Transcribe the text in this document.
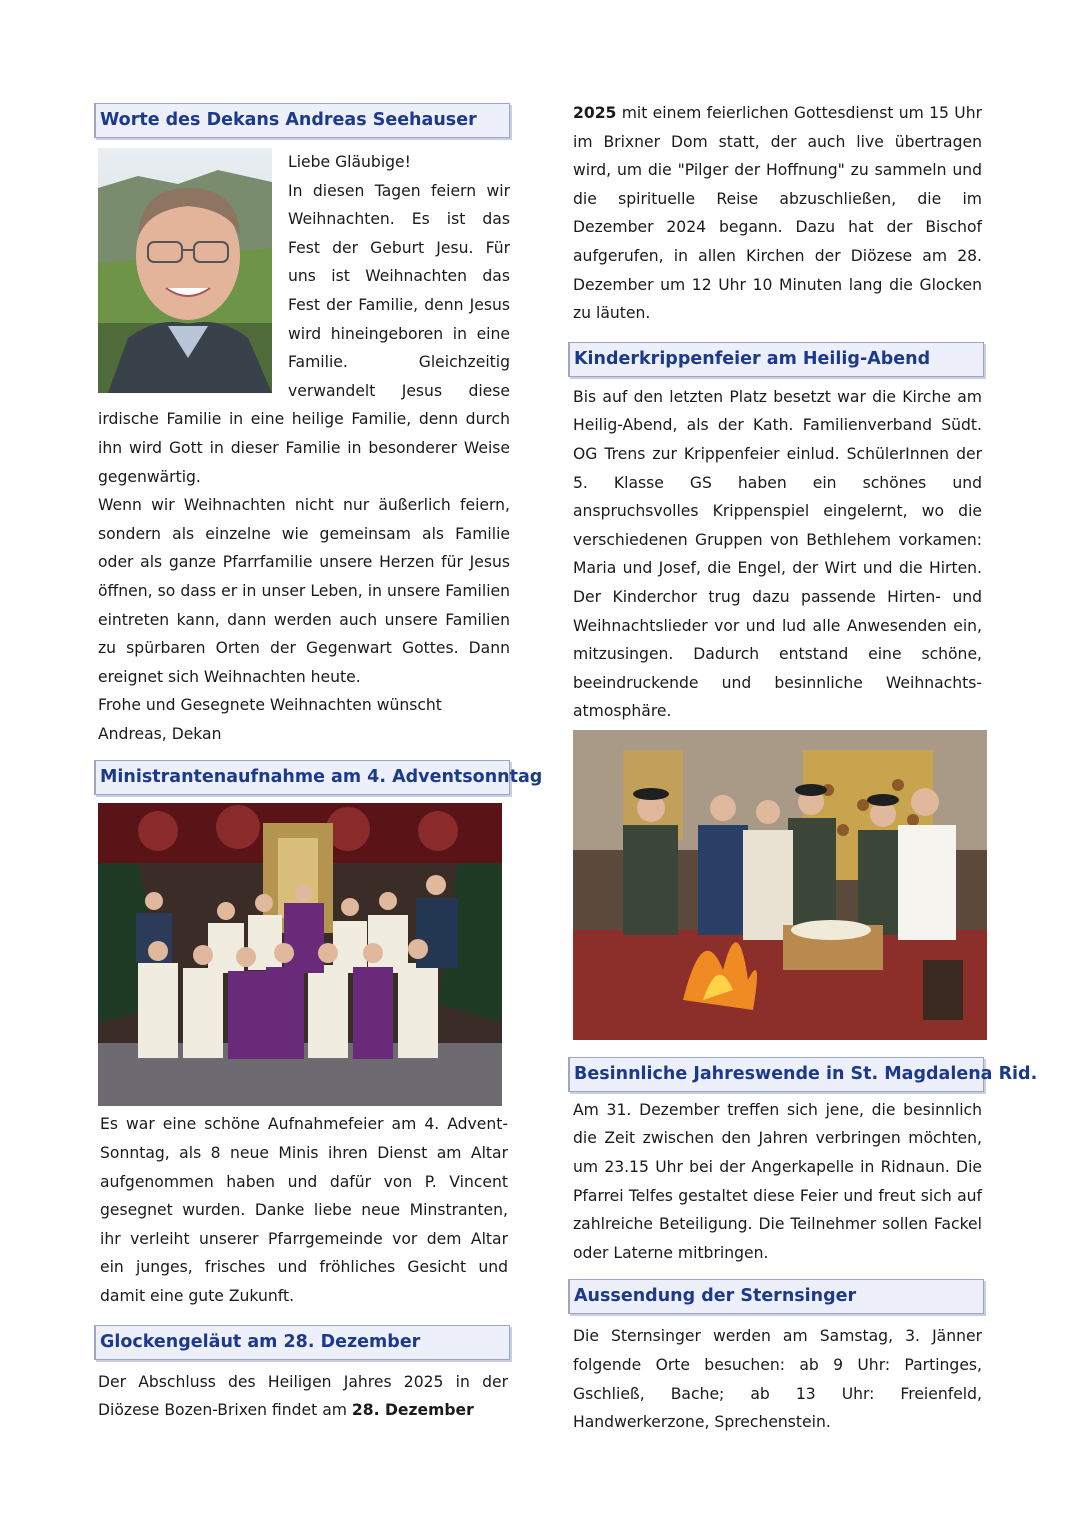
Worte des Dekans Andreas Seehauser

Liebe Gläubige!

In diesen Tagen feiern wir Weihnachten. Es ist das Fest der Geburt Jesu. Für uns ist Weihnachten das Fest der Familie, denn Jesus wird hineingeboren in eine Familie. Gleichzeitig verwandelt Jesus diese irdische Familie in eine heilige Familie, denn durch ihn wird Gott in dieser Familie in besonderer Weise gegenwärtig.

Wenn wir Weihnachten nicht nur äußerlich feiern, sondern als einzelne wie gemeinsam als Familie oder als ganze Pfarrfamilie unsere Herzen für Jesus öffnen, so dass er in unser Leben, in unsere Familien eintreten kann, dann werden auch unsere Familien zu spürbaren Orten der Gegenwart Gottes. Dann ereignet sich Weihnachten heute.

Frohe und Gesegnete Weihnachten wünscht

Andreas, Dekan

Ministrantenaufnahme am 4. Adventsonntag

Es war eine schöne Aufnahmefeier am 4. Advent-Sonntag, als 8 neue Minis ihren Dienst am Altar aufgenommen haben und dafür von P. Vincent gesegnet wurden. Danke liebe neue Minstranten, ihr verleiht unserer Pfarrgemeinde vor dem Altar ein junges, frisches und fröhliches Gesicht und damit eine gute Zukunft.

Glockengeläut am 28. Dezember

Der Abschluss des Heiligen Jahres 2025 in der Diözese Bozen-Brixen findet am 28. Dezember

2025 mit einem feierlichen Gottesdienst um 15 Uhr im Brixner Dom statt, der auch live übertragen wird, um die "Pilger der Hoffnung" zu sammeln und die spirituelle Reise abzuschließen, die im Dezember 2024 begann. Dazu hat der Bischof aufgerufen, in allen Kirchen der Diözese am 28. Dezember um 12 Uhr 10 Minuten lang die Glocken zu läuten.

Kinderkrippenfeier am Heilig-Abend

Bis auf den letzten Platz besetzt war die Kirche am Heilig-Abend, als der Kath. Familienverband Südt. OG Trens zur Krippenfeier einlud. SchülerInnen der 5. Klasse GS haben ein schönes und anspruchsvolles Krippenspiel eingelernt, wo die verschiedenen Gruppen von Bethlehem vorkamen: Maria und Josef, die Engel, der Wirt und die Hirten. Der Kinderchor trug dazu passende Hirten- und Weihnachtslieder vor und lud alle Anwesenden ein, mitzusingen. Dadurch entstand eine schöne, beeindruckende und besinnliche Weihnachts-atmosphäre.

Besinnliche Jahreswende in St. Magdalena Rid.

Am 31. Dezember treffen sich jene, die besinnlich die Zeit zwischen den Jahren verbringen möchten, um 23.15 Uhr bei der Angerkapelle in Ridnaun. Die Pfarrei Telfes gestaltet diese Feier und freut sich auf zahlreiche Beteiligung. Die Teilnehmer sollen Fackel oder Laterne mitbringen.

Aussendung der Sternsinger

Die Sternsinger werden am Samstag, 3. Jänner folgende Orte besuchen: ab 9 Uhr: Partinges, Gschließ, Bache; ab 13 Uhr: Freienfeld, Handwerkerzone, Sprechenstein.
